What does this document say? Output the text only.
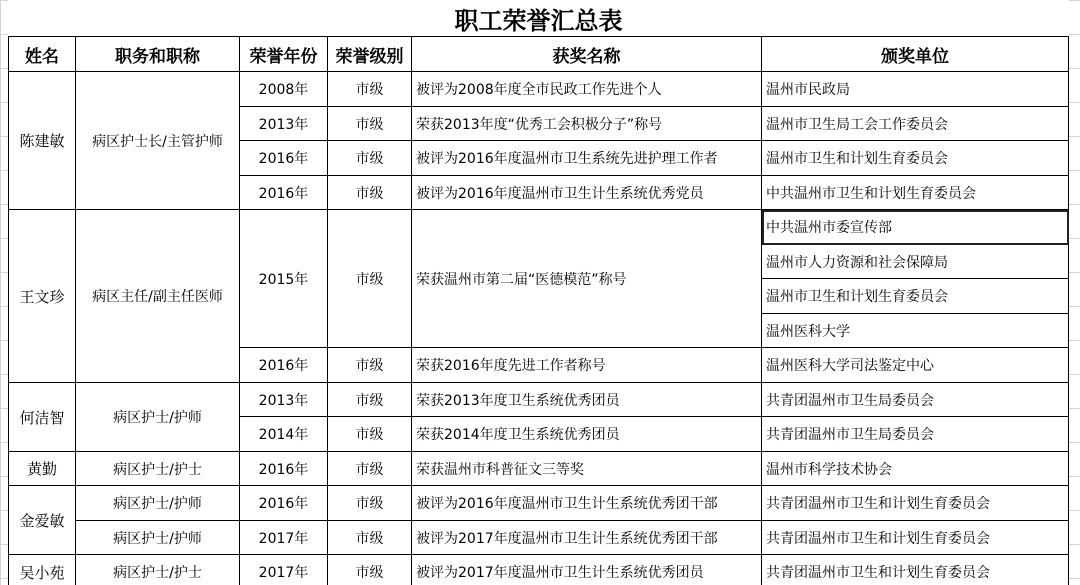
职工荣誉汇总表					
姓名	职务和职称	荣誉年份	荣誉级别	获奖名称	颁奖单位
陈建敏	病区护士长/主管护师	2008年	市级	被评为2008年度全市民政工作先进个人	温州市民政局
		2013年	市级	荣获2013年度“优秀工会积极分子”称号	温州市卫生局工会工作委员会
		2016年	市级	被评为2016年度温州市卫生系统先进护理工作者	温州市卫生和计划生育委员会
		2016年	市级	被评为2016年度温州市卫生计生系统优秀党员	中共温州市卫生和计划生育委员会
王文珍	病区主任/副主任医师	2015年	市级	荣获温州市第二届“医德模范”称号	中共温州市委宣传部
					温州市人力资源和社会保障局
					温州市卫生和计划生育委员会
					温州医科大学
		2016年	市级	荣获2016年度先进工作者称号	温州医科大学司法鉴定中心
何洁智	病区护士/护师	2013年	市级	荣获2013年度卫生系统优秀团员	共青团温州市卫生局委员会
		2014年	市级	荣获2014年度卫生系统优秀团员	共青团温州市卫生局委员会
黄勤	病区护士/护士	2016年	市级	荣获温州市科普征文三等奖	温州市科学技术协会
金爱敏	病区护士/护师	2016年	市级	被评为2016年度温州市卫生计生系统优秀团干部	共青团温州市卫生和计划生育委员会
	病区护士/护师	2017年	市级	被评为2017年度温州市卫生计生系统优秀团干部	共青团温州市卫生和计划生育委员会
吴小苑	病区护士/护士	2017年	市级	被评为2017年度温州市卫生计生系统优秀团员	共青团温州市卫生和计划生育委员会
